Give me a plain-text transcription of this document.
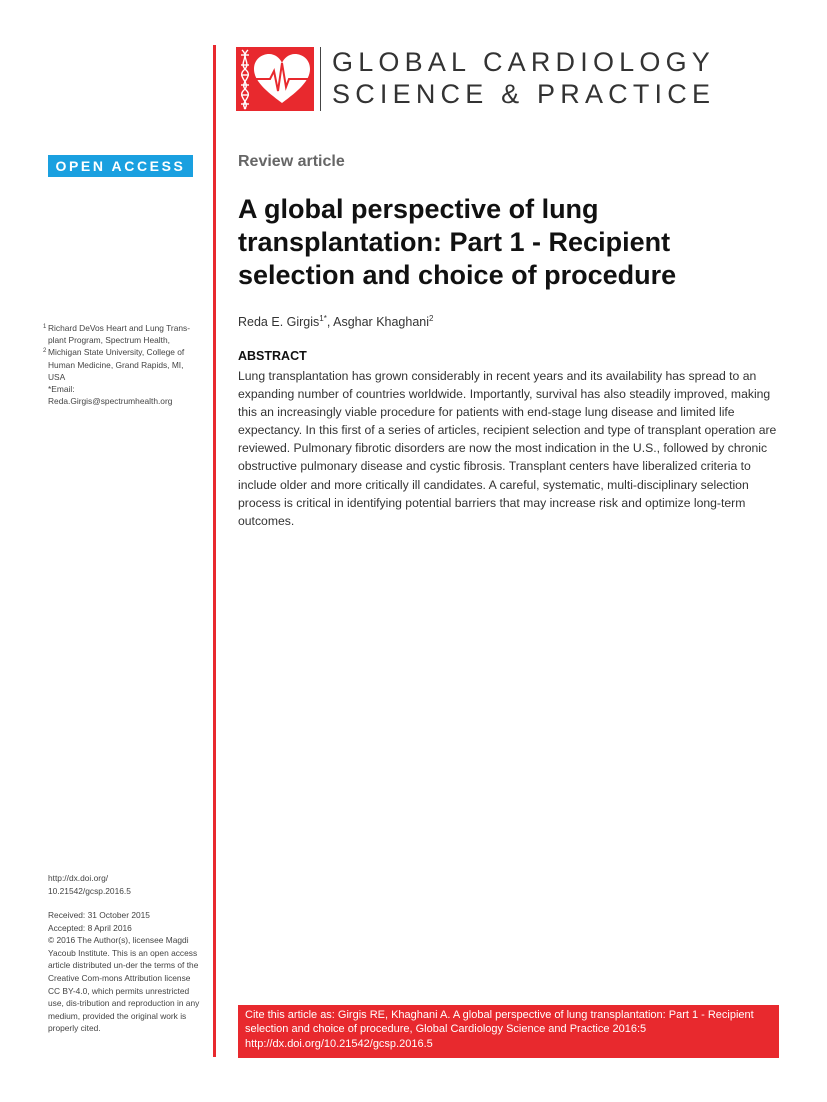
GLOBAL CARDIOLOGY
SCIENCE & PRACTICE
OPEN ACCESS	Review article
A global perspective of lung transplantation: Part 1 - Recipient selection and choice of procedure
Reda E. Girgis$^{1*}$, Asghar Khaghani$^2$
ABSTRACT

Lung transplantation has grown considerably in recent years and its availability has spread to an expanding number of countries worldwide. Importantly, survival has also steadily improved, making this an increasingly viable procedure for patients with end-stage lung disease and limited life expectancy. In this first of a series of articles, recipient selection and type of transplant operation are reviewed. Pulmonary fibrotic disorders are now the most indication in the U.S., followed by chronic obstructive pulmonary disease and cystic fibrosis. Transplant centers have liberalized criteria to include older and more critically ill candidates. A careful, systematic, multi-disciplinary selection process is critical in identifying potential barriers that may increase risk and optimize long-term outcomes.

1 Richard DeVos Heart and Lung Trans-plant Program, Spectrum Health,
2 Michigan State University, College of Human Medicine, Grand Rapids, MI, USA
*Email:
Reda.Girgis@spectrumhealth.org
http://dx.doi.org/
10.21542/gcsp.2016.5
Received: 31 October 2015
Accepted: 8 April 2016
© 2016 The Author(s), licensee Magdi Yacoub Institute. This is an open access article distributed un-der the terms of the Creative Com-mons Attribution license CC BY-4.0, which permits unrestricted use, dis-tribution and reproduction in any medium, provided the original work is properly cited.
Cite this article as: Girgis RE, Khaghani A. A global perspective of lung transplantation: Part 1 - Recipient selection and choice of procedure, Global Cardiology Science and Practice 2016:5 http://dx.doi.org/10.21542/gcsp.2016.5
